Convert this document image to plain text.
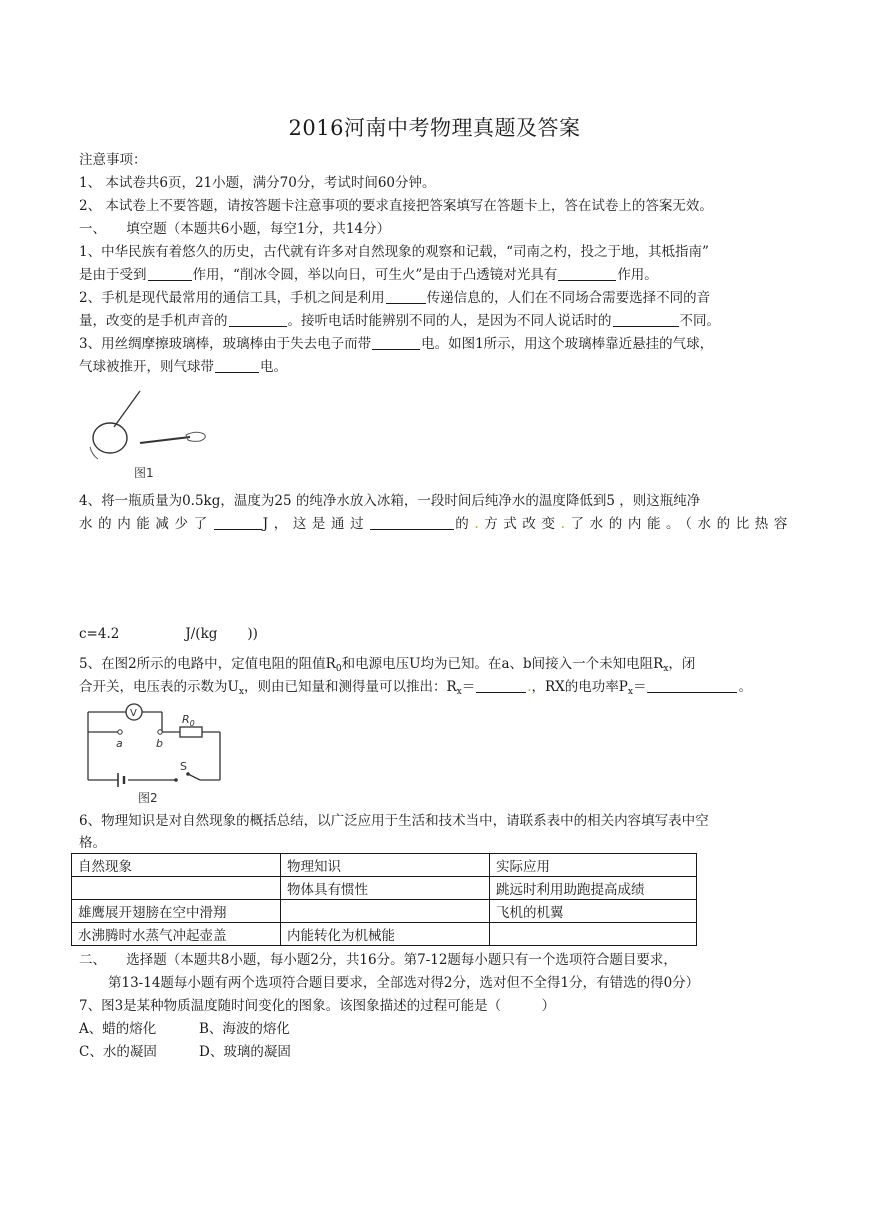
2016河南中考物理真题及答案
注意事项：
1、 本试卷共6页，21小题，满分70分，考试时间60分钟。
2、 本试卷上不要答题，请按答题卡注意事项的要求直接把答案填写在答题卡上，答在试卷上的答案无效。
一、　　填空题（本题共6小题，每空1分，共14分）
1、中华民族有着悠久的历史，古代就有许多对自然现象的观察和记载，“司南之杓，投之于地，其柢指南”
是由于受到	作用，“削冰令圆，举以向日，可生火”是由于凸透镜对光具有	作用。
2、手机是现代最常用的通信工具，手机之间是利用	传递信息的，人们在不同场合需要选择不同的音
量，改变的是手机声音的	。接听电话时能辨别不同的人，是因为不同人说话时的	不同。
3、用丝绸摩擦玻璃棒，玻璃棒由于失去电子而带	电。如图1所示，用这个玻璃棒靠近悬挂的气球，
气球被推开，则气球带	电。
图1
4、将一瓶质量为0.5kg，温度为25 的纯净水放入冰箱，一段时间后纯净水的温度降低到5 ，则这瓶纯净
水的内能减少了	J，这是通过	的.方式改变.了水的内能。（水的比热容
c=4.2	J/(kg ))
5、在图2所示的电路中，定值电阻的阻值$R_0$和电源电压U均为已知。在a、b间接入一个未知电阻$R_x$，闭
合开关，电压表的示数为$U_x$，则由已知量和测得量可以推出：$R_x=$	.，RX的电功率$P_x=$	。
V
a	b
$R_0$
S
图2
6、物理知识是对自然现象的概括总结，以广泛应用于生活和技术当中，请联系表中的相关内容填写表中空
格。
自然现象	物理知识	实际应用
	物体具有惯性	跳远时利用助跑提高成绩
雄鹰展开翅膀在空中滑翔		飞机的机翼
水沸腾时水蒸气冲起壶盖	内能转化为机械能	
二、　　选择题（本题共8小题，每小题2分，共16分。第7-12题每小题只有一个选项符合题目要求，
第13-14题每小题有两个选项符合题目要求，全部选对得2分，选对但不全得1分，有错选的得0分）
7、图3是某种物质温度随时间变化的图象。该图象描述的过程可能是（　　　）
A、蜡的熔化	B、海波的熔化
C、水的凝固	D、玻璃的凝固
